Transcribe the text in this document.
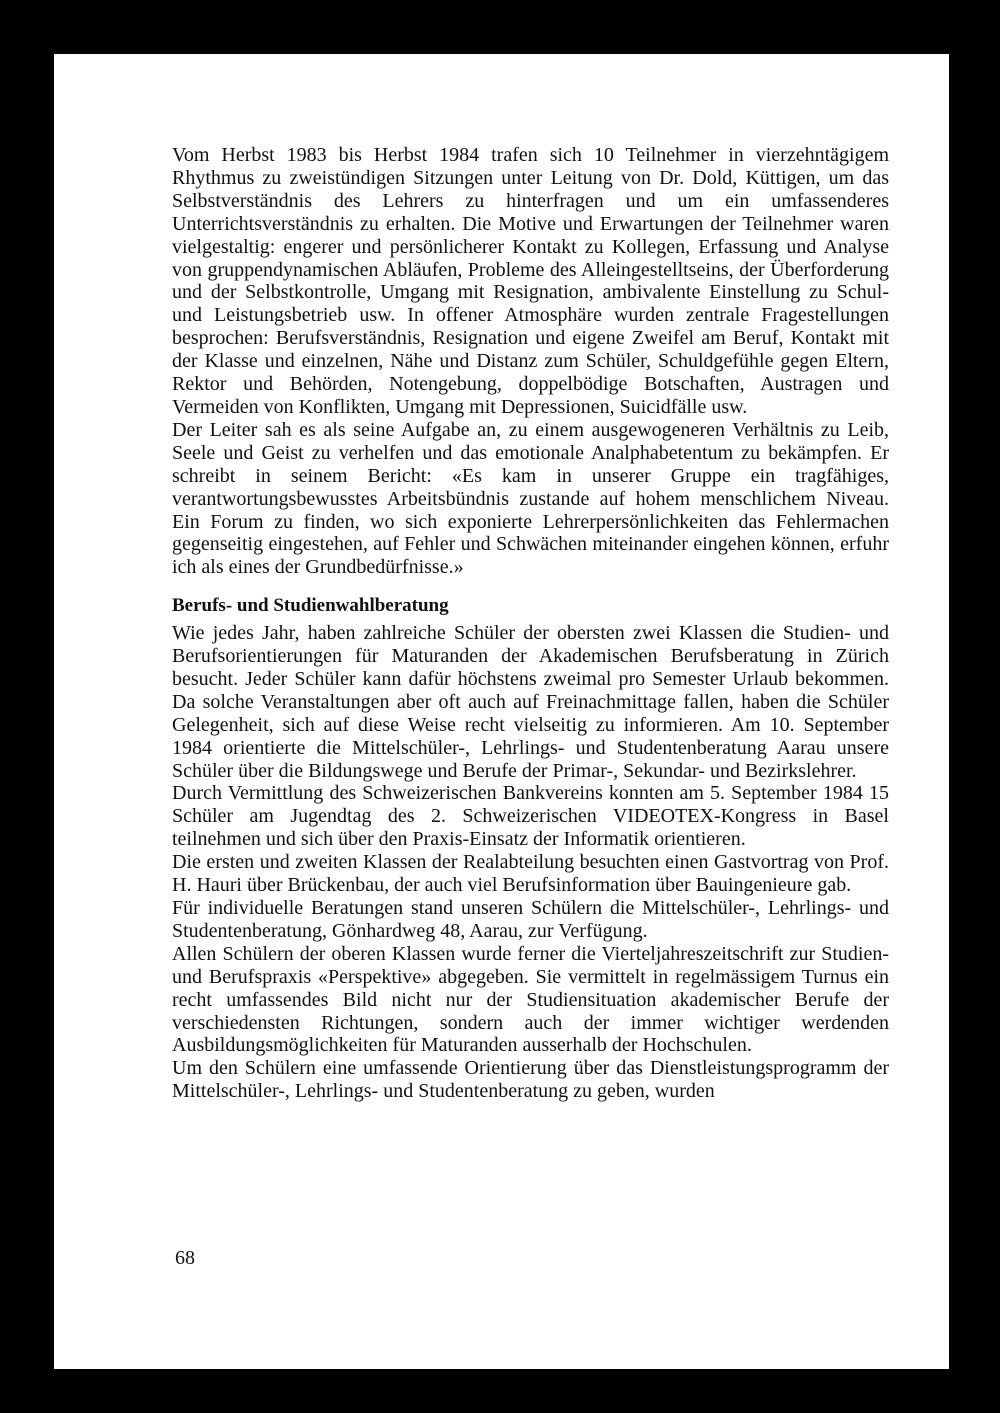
Vom Herbst 1983 bis Herbst 1984 trafen sich 10 Teilnehmer in vierzehntägigem Rhythmus zu zweistündigen Sitzungen unter Leitung von Dr. Dold, Küttigen, um das Selbstverständnis des Lehrers zu hinterfragen und um ein umfassenderes Unterrichtsverständnis zu erhalten. Die Motive und Erwartungen der Teilnehmer waren vielgestaltig: engerer und persönlicherer Kontakt zu Kollegen, Erfassung und Analyse von gruppendynamischen Abläufen, Probleme des Alleingestelltseins, der Überforderung und der Selbstkontrolle, Umgang mit Resignation, ambivalente Einstellung zu Schul- und Leistungsbetrieb usw. In offener Atmosphäre wurden zentrale Fragestellungen besprochen: Berufsverständnis, Resignation und eigene Zweifel am Beruf, Kontakt mit der Klasse und einzelnen, Nähe und Distanz zum Schüler, Schuldgefühle gegen Eltern, Rektor und Behörden, Notengebung, doppelbödige Botschaften, Austragen und Vermeiden von Konflikten, Umgang mit Depressionen, Suicidfälle usw.

Der Leiter sah es als seine Aufgabe an, zu einem ausgewogeneren Verhältnis zu Leib, Seele und Geist zu verhelfen und das emotionale Analphabetentum zu bekämpfen. Er schreibt in seinem Bericht: «Es kam in unserer Gruppe ein tragfähiges, verantwortungsbewusstes Arbeitsbündnis zustande auf hohem menschlichem Niveau. Ein Forum zu finden, wo sich exponierte Lehrerpersönlichkeiten das Fehlermachen gegenseitig eingestehen, auf Fehler und Schwächen miteinander eingehen können, erfuhr ich als eines der Grundbedürfnisse.»

Berufs- und Studienwahlberatung

Wie jedes Jahr, haben zahlreiche Schüler der obersten zwei Klassen die Studien- und Berufsorientierungen für Maturanden der Akademischen Berufsberatung in Zürich besucht. Jeder Schüler kann dafür höchstens zweimal pro Semester Urlaub bekommen. Da solche Veranstaltungen aber oft auch auf Freinachmittage fallen, haben die Schüler Gelegenheit, sich auf diese Weise recht vielseitig zu informieren. Am 10. September 1984 orientierte die Mittelschüler-, Lehrlings- und Studentenberatung Aarau unsere Schüler über die Bildungswege und Berufe der Primar-, Sekundar- und Bezirkslehrer.

Durch Vermittlung des Schweizerischen Bankvereins konnten am 5. September 1984 15 Schüler am Jugendtag des 2. Schweizerischen VIDEOTEX-Kongress in Basel teilnehmen und sich über den Praxis-Einsatz der Informatik orientieren.

Die ersten und zweiten Klassen der Realabteilung besuchten einen Gastvortrag von Prof. H. Hauri über Brückenbau, der auch viel Berufsinformation über Bauingenieure gab.

Für individuelle Beratungen stand unseren Schülern die Mittelschüler-, Lehrlings- und Studentenberatung, Gönhardweg 48, Aarau, zur Verfügung.

Allen Schülern der oberen Klassen wurde ferner die Vierteljahreszeitschrift zur Studien- und Berufspraxis «Perspektive» abgegeben. Sie vermittelt in regelmässigem Turnus ein recht umfassendes Bild nicht nur der Studiensituation akademischer Berufe der verschiedensten Richtungen, sondern auch der immer wichtiger werdenden Ausbildungsmöglichkeiten für Maturanden ausserhalb der Hochschulen.

Um den Schülern eine umfassende Orientierung über das Dienstleistungsprogramm der Mittelschüler-, Lehrlings- und Studentenberatung zu geben, wurden

68
